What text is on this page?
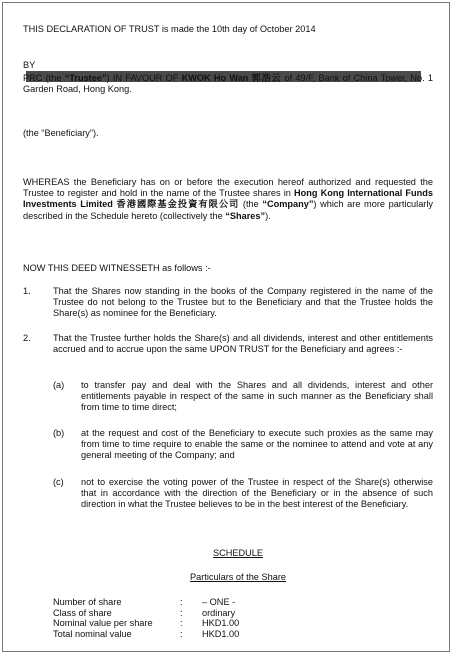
THIS DECLARATION OF TRUST is made the 10th day of October 2014

BY

PRC (the “Trustee”) IN FAVOUR OF KWOK Ho Wan 郭浩云 of 49/F, Bank of China Tower, No. 1 Garden Road, Hong Kong.

(the “Beneficiary”).

WHEREAS the Beneficiary has on or before the execution hereof authorized and requested the Trustee to register and hold in the name of the Trustee shares in Hong Kong International Funds Investments Limited 香港國際基金投資有限公司 (the “Company”) which are more particularly described in the Schedule hereto (collectively the “Shares”).

NOW THIS DEED WITNESSETH as follows :-

1.	That the Shares now standing in the books of the Company registered in the name of the Trustee do not belong to the Trustee but to the Beneficiary and that the Trustee holds the Share(s) as nominee for the Beneficiary.

2.	That the Trustee further holds the Share(s) and all dividends, interest and other entitlements accrued and to accrue upon the same UPON TRUST for the Beneficiary and agrees :-

(a) to transfer pay and deal with the Shares and all dividends, interest and other entitlements payable in respect of the same in such manner as the Beneficiary shall from time to time direct;

(b) at the request and cost of the Beneficiary to execute such proxies as the same may from time to time require to enable the same or the nominee to attend and vote at any general meeting of the Company; and

(c) not to exercise the voting power of the Trustee in respect of the Share(s) otherwise that in accordance with the direction of the Beneficiary or in the absence of such direction in what the Trustee believes to be in the best interest of the Beneficiary.

SCHEDULE

Particulars of the Share

Number of share	:	– ONE -
Class of share	:	ordinary
Nominal value per share	:	HKD1.00
Total nominal value	:	HKD1.00
